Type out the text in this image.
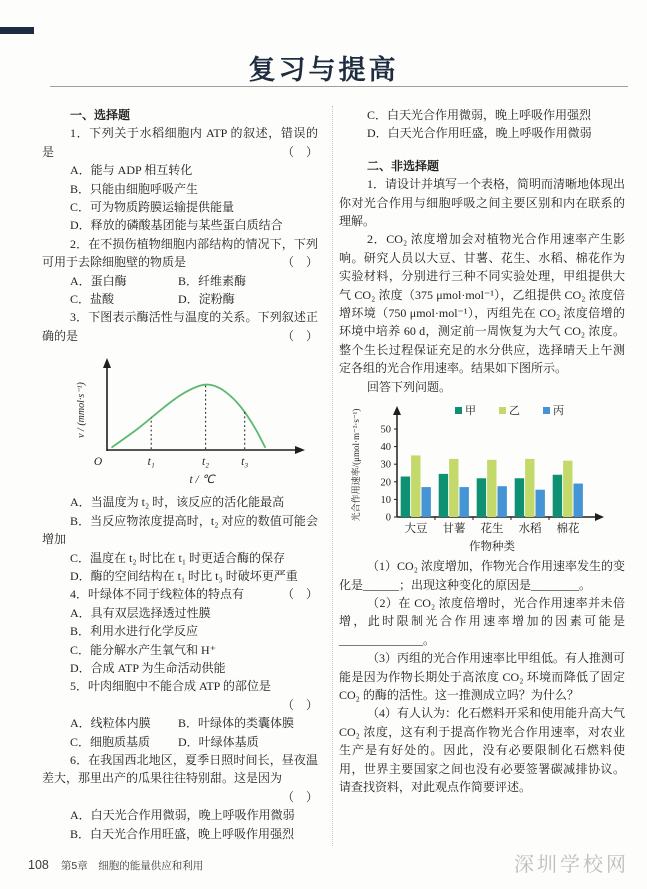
复习与提高

一、选择题

1．下列关于水稻细胞内 ATP 的叙述，错误的是	（　）

A．能与 ADP 相互转化

B．只能由细胞呼吸产生

C．可为物质跨膜运输提供能量

D．释放的磷酸基团能与某些蛋白质结合

2．在不损伤植物细胞内部结构的情况下，下列可用于去除细胞壁的物质是	（　）

A．蛋白酶	B．纤维素酶

C．盐酸	D．淀粉酶

3．下图表示酶活性与温度的关系。下列叙述正确的是	（　）

t₁	t₂	t₃
O
t / ℃
v / (mmol·s⁻¹)

A．当温度为 t₂ 时，该反应的活化能最高

B．当反应物浓度提高时，t₂ 对应的数值可能会增加

C．温度在 t₂ 时比在 t₁ 时更适合酶的保存

D．酶的空间结构在 t₁ 时比 t₃ 时破坏更严重

4．叶绿体不同于线粒体的特点有	（　）

A．具有双层选择透过性膜

B．利用水进行化学反应

C．能分解水产生氧气和 H⁺

D．合成 ATP 为生命活动供能

5．叶肉细胞中不能合成 ATP 的部位是
（　）

A．线粒体内膜	B．叶绿体的类囊体膜

C．细胞质基质	D．叶绿体基质

6．在我国西北地区，夏季日照时间长，昼夜温差大，那里出产的瓜果往往特别甜。这是因为
（　）

A．白天光合作用微弱，晚上呼吸作用微弱

B．白天光合作用旺盛，晚上呼吸作用强烈

C．白天光合作用微弱，晚上呼吸作用强烈

D．白天光合作用旺盛，晚上呼吸作用微弱

二、非选择题

1．请设计并填写一个表格，简明而清晰地体现出你对光合作用与细胞呼吸之间主要区别和内在联系的理解。

2．CO₂ 浓度增加会对植物光合作用速率产生影响。研究人员以大豆、甘薯、花生、水稻、棉花作为实验材料，分别进行三种不同实验处理，甲组提供大气 CO₂ 浓度（375 μmol·mol⁻¹），乙组提供 CO₂ 浓度倍增环境（750 μmol·mol⁻¹），丙组先在 CO₂ 浓度倍增的环境中培养 60 d，测定前一周恢复为大气 CO₂ 浓度。整个生长过程保证充足的水分供应，选择晴天上午测定各组的光合作用速率。结果如下图所示。

回答下列问题。

0
10
20
30
40
50
大豆 甘薯 花生 水稻 棉花
作物种类
光合作用速率/(μmol·m⁻²·s⁻¹)	甲	乙	丙

（1）CO₂ 浓度增加，作物光合作用速率发生的变化是______；出现这种变化的原因是________。

（2）在 CO₂ 浓度倍增时，光合作用速率并未倍增，此时限制光合作用速率增加的因素可能是______________。

（3）丙组的光合作用速率比甲组低。有人推测可能是因为作物长期处于高浓度 CO₂ 环境而降低了固定 CO₂ 的酶的活性。这一推测成立吗？为什么？

（4）有人认为：化石燃料开采和使用能升高大气 CO₂ 浓度，这有利于提高作物光合作用速率，对农业生产是有好处的。因此，没有必要限制化石燃料使用，世界主要国家之间也没有必要签署碳减排协议。请查找资料，对此观点作简要评述。

108 第5章　细胞的能量供应和利用	深圳学校网
